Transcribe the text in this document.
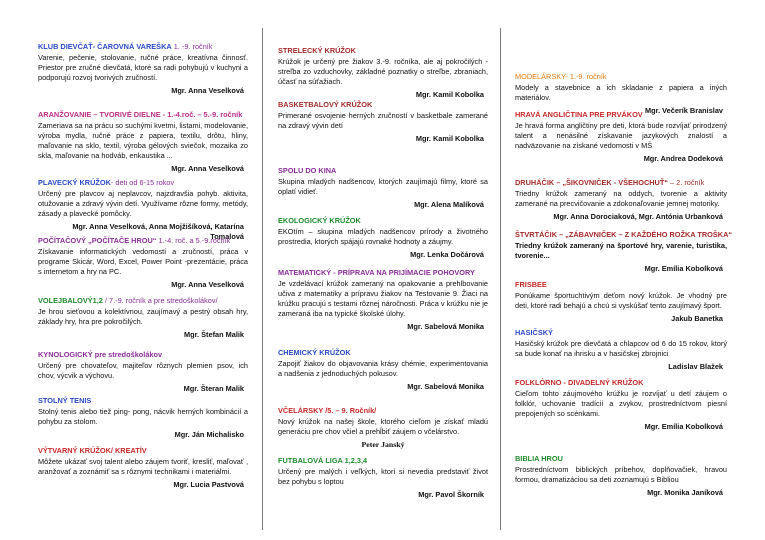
KLUB DIEVČAŤ- ČAROVNÁ VAREŠKA 1. -9. ročník
Varenie, pečenie, stolovanie, ručné práce, kreatívna činnosť. Priestor pre zručné dievčatá, ktoré sa radi pohybujú v kuchyni a podporujú rozvoj tvorivých zručností.
Mgr. Anna Veselková
ARANŽOVANIE – TVORIVÉ DIELNE - 1.-4.roč. – 5.-9. ročník
Zameriava sa na prácu so suchými kvetmi, listami, modelovanie, výroba mydla, ručné práce z papiera, textilu, drôtu, hliny, maľovanie na sklo, textil, výroba gélových sviečok, mozaika zo skla, maľovanie na hodváb, enkaustika ...
Mgr. Anna Veselková
PLAVECKÝ KRÚŽOK- deti od 6-15 rokov
Určený pre plavcov aj neplavcov, najzdravšia pohyb. aktivita, otužovanie a zdravý vývin detí. Využívame rôzne formy, metódy, zásady a plavecké pomôcky.
Mgr. Anna Veselková, Anna Mojžišíková, Katarína Tomalová
POČÍTAČOVÝ „POČÍTAČE HROU“ 1.-4. roč. a 5.-9.ročník
Získavanie informatických vedomostí a zručností, práca v programe Skicár, Word, Excel, Power Point -prezentácie, práca s internetom a hry na PC.
Mgr. Anna Veselková
VOLEJBALOVÝ1,2 / 7.-9. ročník a pre stredoškolákov/
Je hrou sieťovou a kolektívnou, zaujímavý a pestrý obsah hry, základy hry, hra pre pokročilých.
Mgr. Štefan Malik
KYNOLOGICKÝ pre stredoškolákov
Určený pre chovateľov, majiteľov rôznych plemien psov, ich chov, výcvik a výchovu.
Mgr. Šteran Malik
STOLNÝ TENIS
Stolný tenis alebo tiež ping- pong, nácvik herných kombinácií a pohybu za stolom.
Mgr. Ján Michalisko
VÝTVARNÝ KRÚŽOK/ KREATÍV
Môžete ukázať svoj talent alebo záujem tvoriť, kresliť, maľovať , aranžovať a zoznámiť sa s rôznymi technikami i materiálmi.
Mgr. Lucia Pastvová
STRELECKÝ KRÚŽOK
Krúžok je určený pre žiakov 3.-9. ročníka, ale aj pokročilých - streľba zo vzduchovky, základné poznatky o streľbe, zbraniach, účasť na súťažiach.
Mgr. Kamil Kobolka
BASKETBALOVÝ KRÚŽOK
Primerané osvojenie herných zručností v basketbale zamerané na zdravý vývin detí
Mgr. Kamil Kobolka
SPOLU DO KINA
Skupina mladých nadšencov, ktorých zaujímajú filmy, ktoré sa oplatí vidieť.
Mgr. Alena Malíková
EKOLOGICKÝ KRÚŽOK
EKOtím – skupina mladých nadšencov prírody a životného prostredia, ktorých spájajú rovnaké hodnoty a záujmy.
Mgr. Lenka Dočárová
MATEMATICKÝ - PRÍPRAVA NA PRIJÍMACIE POHOVORY
Je vzdelávací krúžok zameraný na opakovanie a prehlbovanie učiva z matematiky a prípravu žiakov na Testovanie 9. Žiaci na krúžku pracujú s testami rôznej náročnosti. Práca v krúžku nie je zameraná iba na typické školské úlohy.
Mgr. Sabelová Monika
CHEMICKÝ KRÚŽOK
Zapojiť žiakov do objavovania krásy chémie, experimentovania a nadšenia z jednoduchých pokusov.
Mgr. Sabelová Monika
VČELÁRSKY /5. – 9. Ročník/
Nový krúžok na našej škole, ktorého cieľom je získať mladú generáciu pre chov včiel a prehĺbiť záujem o včelárstvo.
Peter Janský
FUTBALOVÁ LIGA 1,2,3,4
Určený pre malých i veľkých, ktorí si nevedia predstaviť život bez pohybu s loptou
Mgr. Pavol Škorník
MODELÁRSKY- 1.-9. ročník
Modely a stavebnice a ich skladanie z papiera a iných materiálov.
Mgr. Večerík Branislav
HRAVÁ ANGLIČTINA PRE PRVÁKOV
Je hravá forma angličtiny pre deti, ktorá bude rozvíjať prirodzený talent a nenásilné získavanie jazykových znalostí a nadväzovanie na získané vedomosti v MŠ
Mgr. Andrea Dodeková
DRUHÁČIK – „ŠIKOVNIČEK - VŠEHOCHUŤ“ – 2. ročník
Triedny krúžok zameraný na oddych, tvorenie a aktivity zamerané na precvičovanie a zdokonaľovanie jemnej motoriky.
Mgr. Anna Dorociaková, Mgr. Antónia Urbanková
ŠTVRTÁČIK – „ZÁBAVNIČEK – Z KAŽDÉHO ROŽKA TROŠKA“
Triedny krúžok zameraný na športové hry, varenie, turistika, tvorenie...
Mgr. Emília Kobolková
FRISBEE
Ponúkame športuchtivým deťom nový krúžok. Je vhodný pre deti, ktoré radi behajú a chcú si vyskúšať tento zaujímavý šport.
Jakub Banetka
HASIČSKÝ
Hasičský krúžok pre dievčatá a chlapcov od 6 do 15 rokov, ktorý sa bude konať na ihrisku a v hasičskej zbrojnici
Ladislav Blažek
FOLKLÓRNO - DIVADELNÝ KRÚŽOK
Cieľom tohto záujmového krúžku je rozvíjať u detí záujem o folklór, uchovanie tradícií a zvykov, prostredníctvom piesní prepojených so scénkami.
Mgr. Emília Kobolková
BIBLIA HROU
Prostredníctvom biblických príbehov, doplňovačiek, hravou formou, dramatizáciou sa deti zoznamujú s Bibliou
Mgr. Monika Janíková
